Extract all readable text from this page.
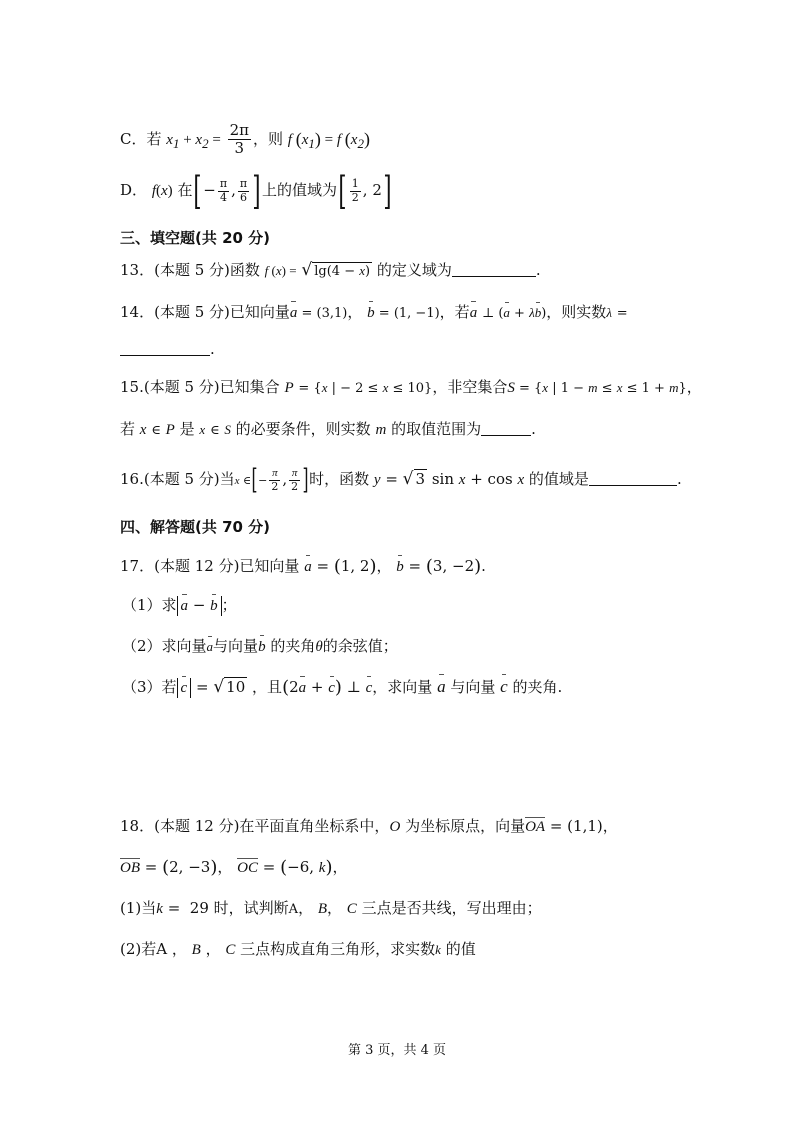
C．若 $x_1 + x_2 = \frac{2\pi}{3}$ ，则 f $(x_1) = f$ $(x_2)$
D． f(x) 在[− $\frac{\pi}{4}$ , $\frac{\pi}{6}$ ]上的值域为[ $\frac{1}{2}$ , 2]
三、填空题(共 20 分)
13．(本题 5 分)函数 f (x) = √ lg(4 − x) 的定义域为	.
14．(本题 5 分)已知向量a = (3,1)， b = (1, −1)，若a ⊥ (a + λb)，则实数λ =
.
15.(本题 5 分)已知集合 P = {x | − 2 ≤ x ≤ 10}，非空集合S = {x | 1 − m ≤ x ≤ 1 + m}，
若 x ∈ P 是 x ∈ S 的必要条件，则实数 m 的取值范围为	.
16.(本题 5 分)当x ∈[− $\frac{\pi}{2}$ , $\frac{\pi}{2}$ ]时，函数 y = √ 3 sin x + cos x 的值域是	.
四、解答题(共 70 分)
17．(本题 12 分)已知向量 a = (1, 2)， b = (3, −2).
（1）求 a − b ；
（2）求向量a与向量b 的夹角θ的余弦值；
（3）若 c = √ 10 ，且(2a + c) ⊥ c，求向量 a 与向量 c 的夹角.
18．(本题 12 分)在平面直角坐标系中，O 为坐标原点，向量OA = (1,1)，
OB = (2, −3)， OC = (−6, k)，
(1)当k =  29 时，试判断A， B， C 三点是否共线，写出理由；
(2)若A ， B ， C 三点构成直角三角形，求实数k 的值
第 3 页，共 4 页
